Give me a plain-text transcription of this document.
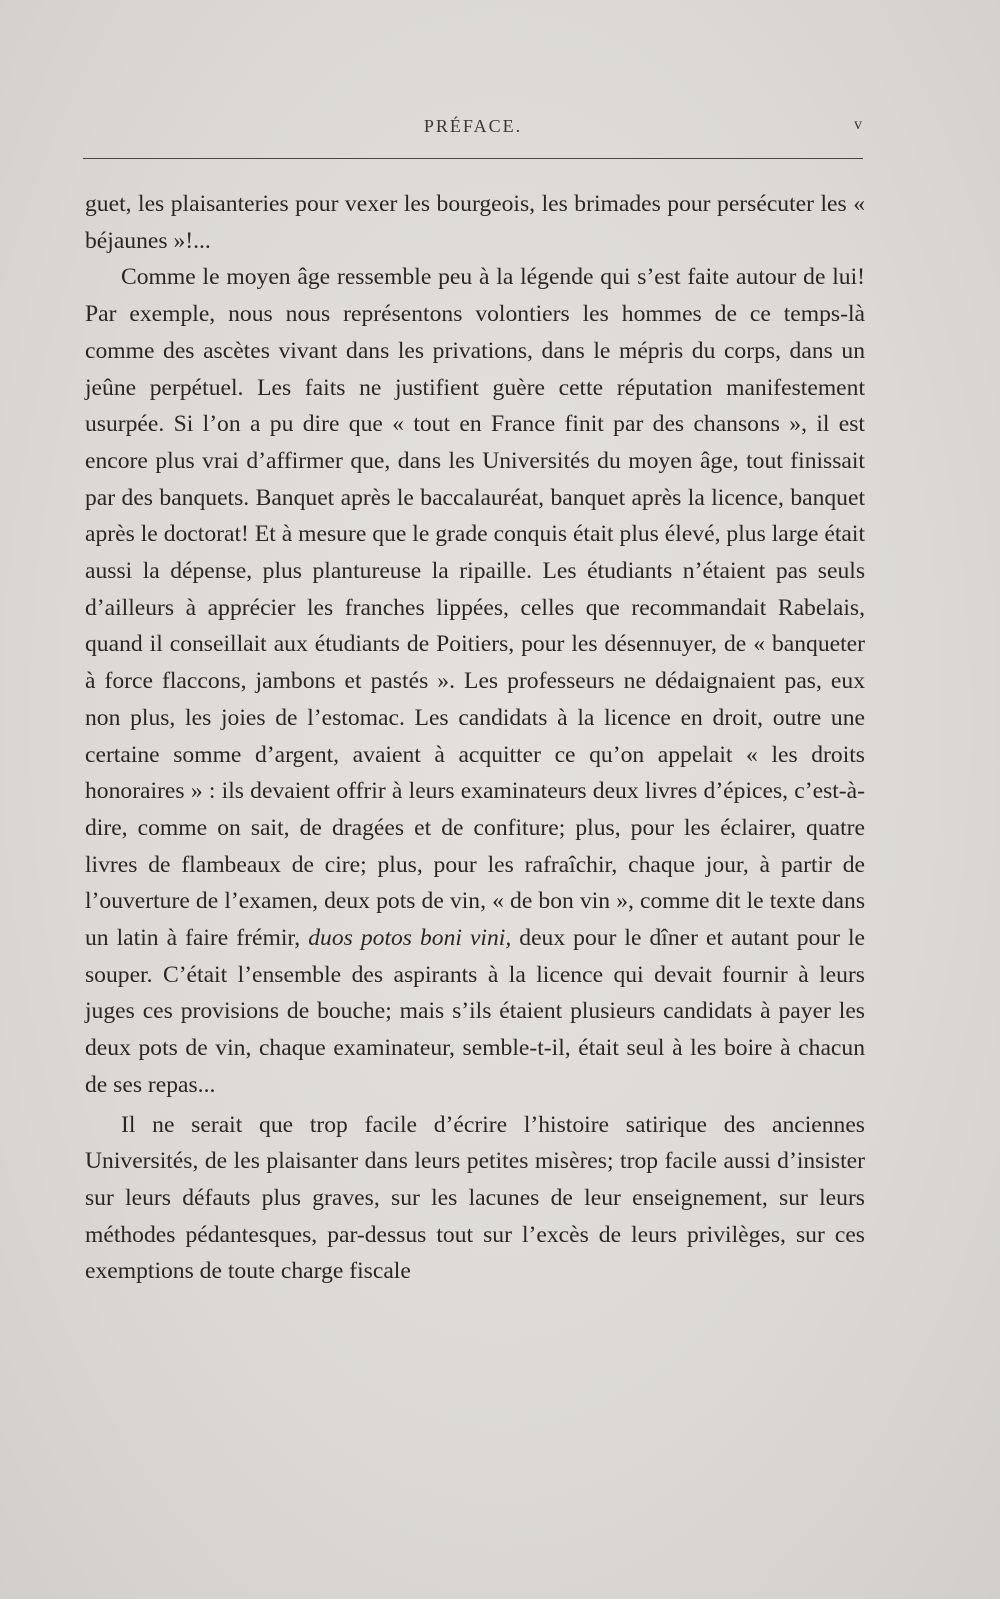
PRÉFACE.	v

guet, les plaisanteries pour vexer les bourgeois, les brimades pour persécuter les « béjaunes »!...

Comme le moyen âge ressemble peu à la légende qui s’est faite autour de lui! Par exemple, nous nous représentons volontiers les hommes de ce temps-là comme des ascètes vivant dans les privations, dans le mépris du corps, dans un jeûne perpétuel. Les faits ne justifient guère cette réputation manifestement usurpée. Si l’on a pu dire que « tout en France finit par des chansons », il est encore plus vrai d’affirmer que, dans les Universités du moyen âge, tout finissait par des banquets. Banquet après le baccalauréat, banquet après la licence, banquet après le doctorat! Et à mesure que le grade conquis était plus élevé, plus large était aussi la dépense, plus plantureuse la ripaille. Les étudiants n’étaient pas seuls d’ailleurs à apprécier les franches lippées, celles que recommandait Rabelais, quand il conseillait aux étudiants de Poitiers, pour les désennuyer, de « banqueter à force flaccons, jambons et pastés ». Les professeurs ne dédaignaient pas, eux non plus, les joies de l’estomac. Les candidats à la licence en droit, outre une certaine somme d’argent, avaient à acquitter ce qu’on appelait « les droits honoraires » : ils devaient offrir à leurs examinateurs deux livres d’épices, c’est-à-dire, comme on sait, de dragées et de confiture; plus, pour les éclairer, quatre livres de flambeaux de cire; plus, pour les rafraîchir, chaque jour, à partir de l’ouverture de l’examen, deux pots de vin, « de bon vin », comme dit le texte dans un latin à faire frémir, duos potos boni vini, deux pour le dîner et autant pour le souper. C’était l’ensemble des aspirants à la licence qui devait fournir à leurs juges ces provisions de bouche; mais s’ils étaient plusieurs candidats à payer les deux pots de vin, chaque examinateur, semble-t-il, était seul à les boire à chacun de ses repas...

Il ne serait que trop facile d’écrire l’histoire satirique des anciennes Universités, de les plaisanter dans leurs petites misères; trop facile aussi d’insister sur leurs défauts plus graves, sur les lacunes de leur enseignement, sur leurs méthodes pédantesques, par-dessus tout sur l’excès de leurs privilèges, sur ces exemptions de toute charge fiscale
